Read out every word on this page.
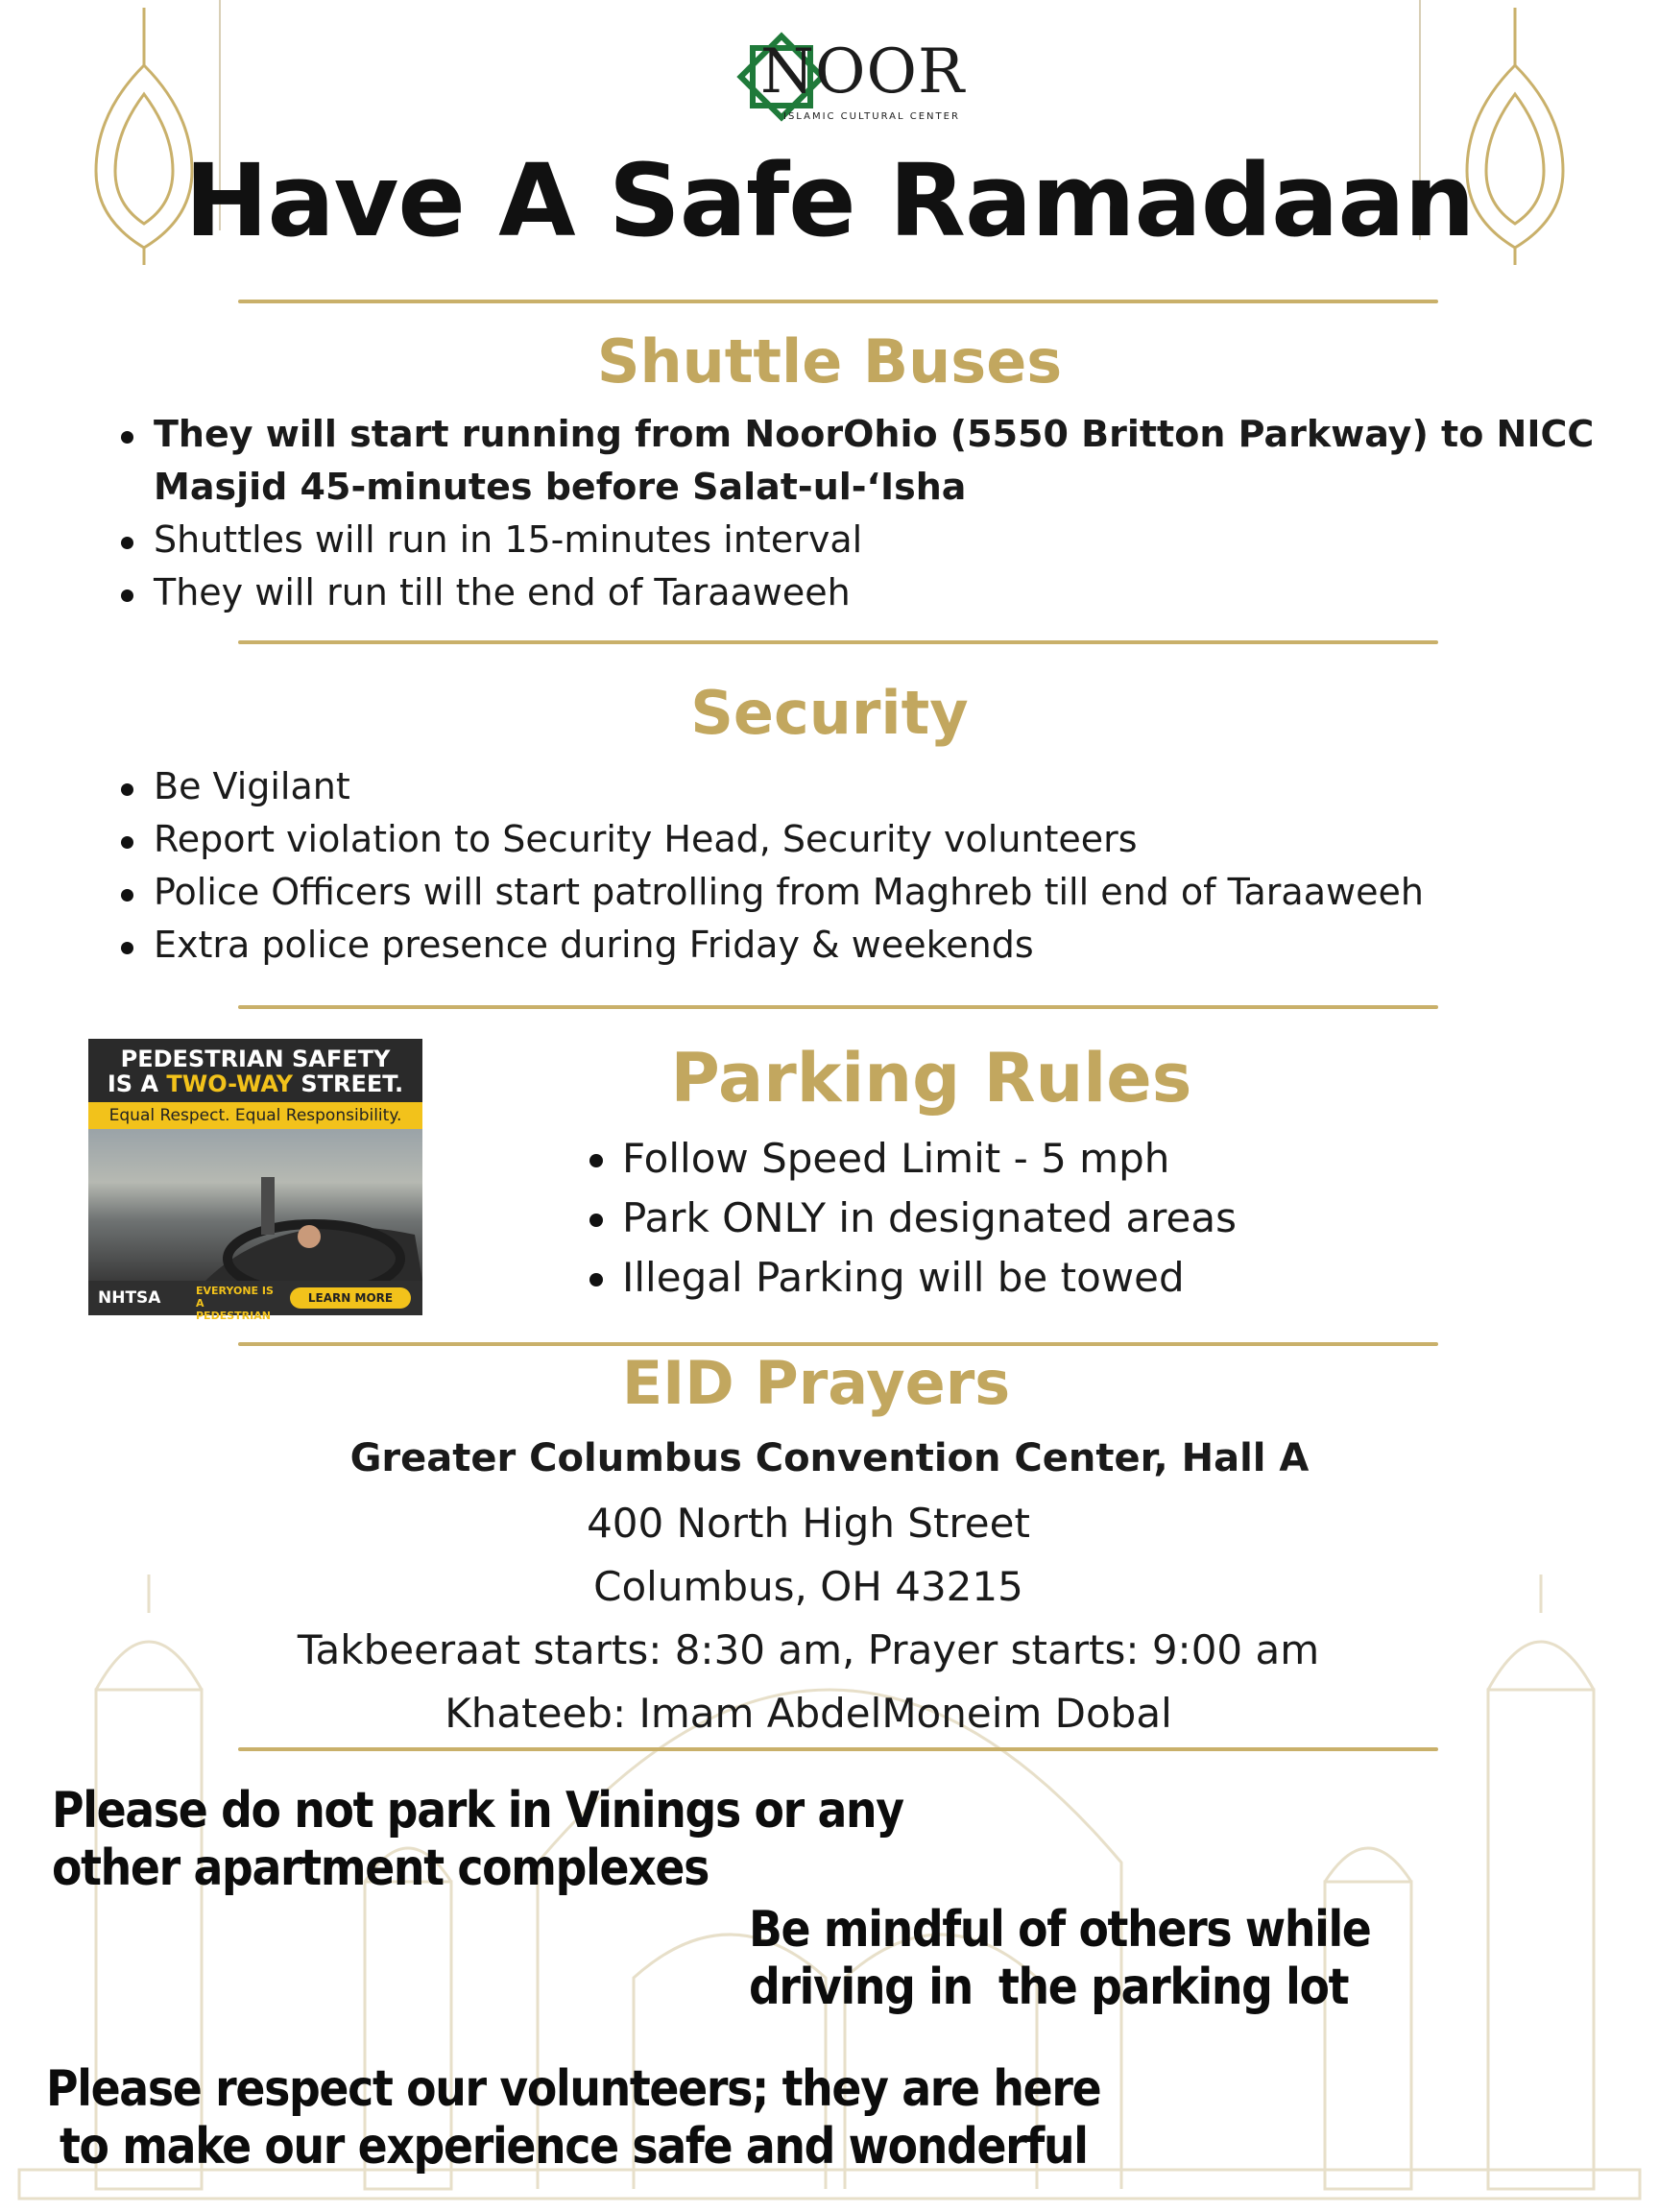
NOOR
ISLAMIC CULTURAL CENTER
Have A Safe Ramadaan
Shuttle Buses
They will start running from NoorOhio (5550 Britton Parkway) to NICC Masjid 45-minutes before Salat-ul-‘Isha
Shuttles will run in 15-minutes interval
They will run till the end of Taraaweeh
Security
Be Vigilant
Report violation to Security Head, Security volunteers
Police Officers will start patrolling from Maghreb till end of Taraaweeh
Extra police presence during Friday & weekends
PEDESTRIAN SAFETY
IS A TWO-WAY STREET.
Equal Respect. Equal Responsibility.
NHTSA	EVERYONE IS A PEDESTRIAN
LEARN MORE
Parking Rules
Follow Speed Limit - 5 mph
Park ONLY in designated areas
Illegal Parking will be towed
EID Prayers
Greater Columbus Convention Center, Hall A
400 North High Street
Columbus, OH 43215
Takbeeraat starts: 8:30 am, Prayer starts: 9:00 am
Khateeb: Imam AbdelMoneim Dobal
Please do not park in Vinings or any
other apartment complexes
Be mindful of others while driving in the parking lot
Please respect our volunteers; they are here
to make our experience safe and wonderful
